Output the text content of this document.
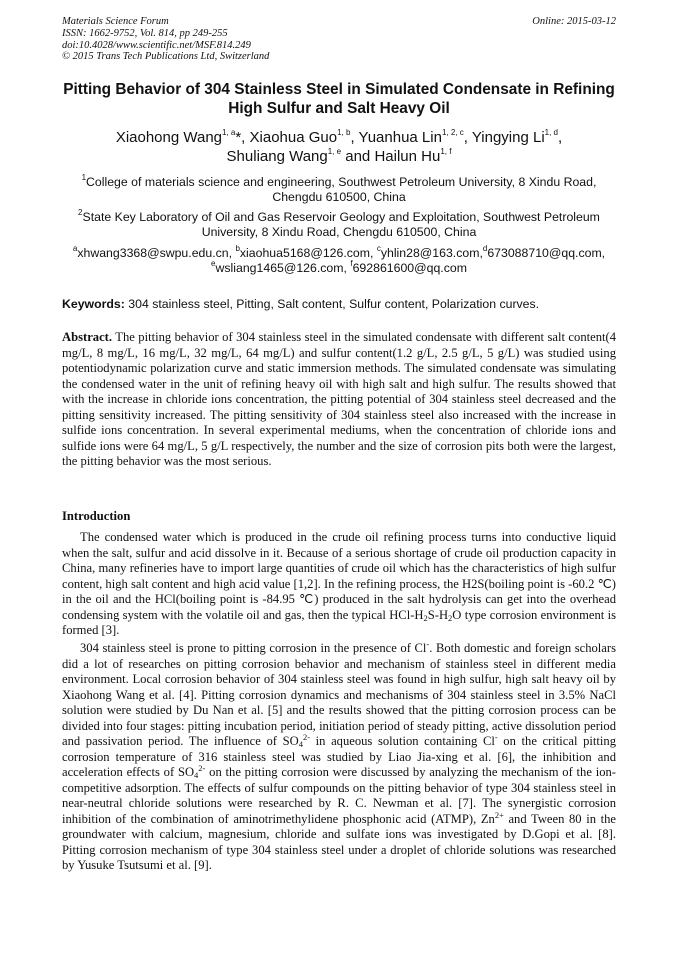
Materials Science Forum
ISSN: 1662-9752, Vol. 814, pp 249-255
doi:10.4028/www.scientific.net/MSF.814.249
© 2015 Trans Tech Publications Ltd, Switzerland
Online: 2015-03-12
Pitting Behavior of 304 Stainless Steel in Simulated Condensate in Refining High Sulfur and Salt Heavy Oil
Xiaohong Wang$^{1, a}$*, Xiaohua Guo$^{1, b}$, Yuanhua Lin$^{1, 2, c}$, Yingying Li$^{1, d}$,
Shuliang Wang$^{1, e}$ and Hailun Hu$^{1, f}$
$^1$College of materials science and engineering, Southwest Petroleum University, 8 Xindu Road,
Chengdu 610500, China
$^2$State Key Laboratory of Oil and Gas Reservoir Geology and Exploitation, Southwest Petroleum
University, 8 Xindu Road, Chengdu 610500, China
$^a$xhwang3368@swpu.edu.cn, $^b$xiaohua5168@126.com, $^c$yhlin28@163.com,$^d$673088710@qq.com,
$^e$wsliang1465@126.com, $^f$692861600@qq.com
Keywords: 304 stainless steel, Pitting, Salt content, Sulfur content, Polarization curves.
Abstract. The pitting behavior of 304 stainless steel in the simulated condensate with different salt content(4 mg/L, 8 mg/L, 16 mg/L, 32 mg/L, 64 mg/L) and sulfur content(1.2 g/L, 2.5 g/L, 5 g/L) was studied using potentiodynamic polarization curve and static immersion methods. The simulated condensate was simulating the condensed water in the unit of refining heavy oil with high salt and high sulfur. The results showed that with the increase in chloride ions concentration, the pitting potential of 304 stainless steel decreased and the pitting sensitivity increased. The pitting sensitivity of 304 stainless steel also increased with the increase in sulfide ions concentration. In several experimental mediums, when the concentration of chloride ions and sulfide ions were 64 mg/L, 5 g/L respectively, the number and the size of corrosion pits both were the largest, the pitting behavior was the most serious.
Introduction
The condensed water which is produced in the crude oil refining process turns into conductive liquid when the salt, sulfur and acid dissolve in it. Because of a serious shortage of crude oil production capacity in China, many refineries have to import large quantities of crude oil which has the characteristics of high sulfur content, high salt content and high acid value [1,2]. In the refining process, the H2S(boiling point is -60.2 ℃) in the oil and the HCl(boiling point is -84.95 ℃) produced in the salt hydrolysis can get into the overhead condensing system with the volatile oil and gas, then the typical HCl-$H_2S-H_2O$ type corrosion environment is formed [3].
304 stainless steel is prone to pitting corrosion in the presence of Cl-. Both domestic and foreign scholars did a lot of researches on pitting corrosion behavior and mechanism of stainless steel in different media environment. Local corrosion behavior of 304 stainless steel was found in high sulfur, high salt heavy oil by Xiaohong Wang et al. [4]. Pitting corrosion dynamics and mechanisms of 304 stainless steel in 3.5% NaCl solution were studied by Du Nan et al. [5] and the results showed that the pitting corrosion process can be divided into four stages: pitting incubation period, initiation period of steady pitting, active dissolution period and passivation period. The influence of $SO_4^{2-}$ in aqueous solution containing Cl- on the critical pitting corrosion temperature of 316 stainless steel was studied by Liao Jia-xing et al. [6], the inhibition and acceleration effects of $SO_4^{2-}$ on the pitting corrosion were discussed by analyzing the mechanism of the ion-competitive adsorption. The effects of sulfur compounds on the pitting behavior of type 304 stainless steel in near-neutral chloride solutions were researched by R. C. Newman et al. [7]. The synergistic corrosion inhibition of the combination of aminotrimethylidene phosphonic acid (ATMP), $Zn^{2+}$ and Tween 80 in the groundwater with calcium, magnesium, chloride and sulfate ions was investigated by D.Gopi et al. [8]. Pitting corrosion mechanism of type 304 stainless steel under a droplet of chloride solutions was researched by Yusuke Tsutsumi et al. [9].
